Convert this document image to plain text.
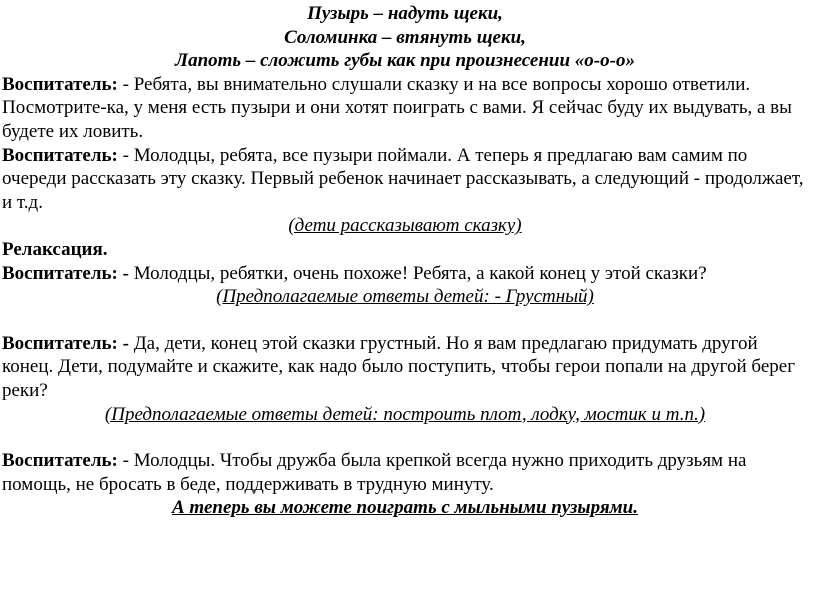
Пузырь – надуть щеки,

Соломинка – втянуть щеки,

Лапоть – сложить губы как при произнесении «о-о-о»

Воспитатель: - Ребята, вы внимательно слушали сказку и на все вопросы хорошо ответили. Посмотрите-ка, у меня есть пузыри и они хотят поиграть с вами. Я сейчас буду их выдувать, а вы будете их ловить.

Воспитатель: - Молодцы, ребята, все пузыри поймали. А теперь я предлагаю вам самим по очереди рассказать эту сказку. Первый ребенок начинает рассказывать, а следующий - продолжает, и т.д.

(дети рассказывают сказку)

Релаксация.

Воспитатель: - Молодцы, ребятки, очень похоже! Ребята, а какой конец у этой сказки?

(Предполагаемые ответы детей: - Грустный)

Воспитатель: - Да, дети, конец этой сказки грустный. Но я вам предлагаю придумать другой конец. Дети, подумайте и скажите, как надо было поступить, чтобы герои попали на другой берег реки?

(Предполагаемые ответы детей: построить плот, лодку, мостик и т.п.)

Воспитатель: - Молодцы. Чтобы дружба была крепкой всегда нужно приходить друзьям на помощь, не бросать в беде, поддерживать в трудную минуту.

А теперь вы можете поиграть с мыльными пузырями.
